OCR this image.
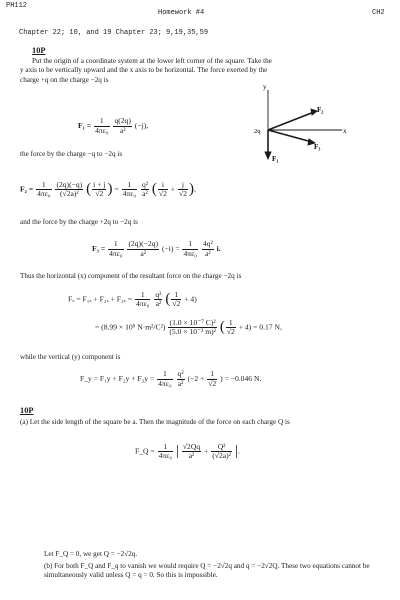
PH112
Homework #4	CH2
Chapter 22; 10, and 19 Chapter 23; 9,19,35,59
10P
Put the origin of a coordinate system at the lower left corner of the square. Take the y axis to be vertically upward and the x axis to be horizontal. The force exerted by the charge +q on the charge −2q is
$F_1 = \frac{1}{\text{4πε₀}}$
$\frac{q(2q)}{\text{a²}} (-j)$,
the force by the charge −q to −2q is
y
x
2q
F₁
F₂
F₃
$F_2 = \frac{1}{\text{4πε₀}}$
$\frac{(2q)(-q)}{\text{(√2a)²}}$ ( $\frac{i + j}{√2}$ ) = $\frac{1}{\text{4πε₀}}$
$\frac{\text{q²}}{\text{a²}}$ ( $\frac{i}{√2} + \frac{j}{√2}$ ),
and the force by the charge +2q to −2q is
$F_3 = \frac{1}{\text{4πε₀}}$
$\frac{(2q)(-2q)}{\text{a²}} (-i) = \frac{1}{\text{4πε₀}}$
$\frac{\text{4q²}}{\text{a²}} i$.
Thus the horizontal (x) component of the resultant force on the charge −2q is
$F_x = F_{1x} + F_{2x} + F_{3x} = \frac{1}{\text{4πε₀}}$
$\frac{\text{q²}}{\text{a²}}$ ( $\frac{1}{√2} + 4$)
= (8.99 × 10⁹ $N\cdot m^2/C^2) \frac{\text{(1.0 × 10⁻⁷ C)²}}{\text{(5.0 × 10⁻² m)²}}$ ( $\frac{1}{√2} + 4) = 0.17$ N,
while the vertical (y) component is
F_y = $F_1y + F_2y + F_3y = \frac{1}{\text{4πε₀}}$
$\frac{\text{q²}}{\text{a²}} (-2 + \frac{1}{√2}$ ) = −0.046 N.
10P
(a) Let the side length of the square be a. Then the magnitude of the force on each charge Q is
F_Q = $\frac{1}{\text{4πε₀}}$ | $\frac{√2Qq}{\text{a²}} + \frac{\text{Q²}}{\text{(√2a)²}}$ |.
Let F_Q = 0, we get Q = −2√2q.
(b) For both F_Q and F_q to vanish we would require Q = −2√2q and q = −2√2Q. These two equations cannot be simultaneously valid unless Q = q = 0. So this is impossible.
